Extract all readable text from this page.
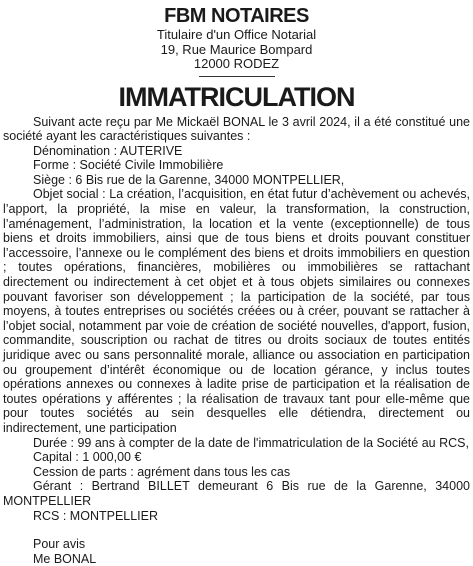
FBM NOTAIRES
Titulaire d'un Office Notarial
19, Rue Maurice Bompard
12000 RODEZ
IMMATRICULATION

Suivant acte reçu par Me Mickaël BONAL le 3 avril 2024, il a été constitué une société ayant les caractéristiques suivantes :

Dénomination : AUTERIVE

Forme : Société Civile Immobilière

Siège : 6 Bis rue de la Garenne, 34000 MONTPELLIER,

Objet social : La création, l’acquisition, en état futur d’achèvement ou achevés, l’apport, la propriété, la mise en valeur, la transformation, la construction, l’aménagement, l’administration, la location et la vente (exceptionnelle) de tous biens et droits immobiliers, ainsi que de tous biens et droits pouvant constituer l’accessoire, l’annexe ou le complément des biens et droits immobiliers en question ; toutes opérations, financières, mobilières ou immobilières se rattachant directement ou indirectement à cet objet et à tous objets similaires ou connexes pouvant favoriser son développement ; la participation de la société, par tous moyens, à toutes entreprises ou sociétés créées ou à créer, pouvant se rattacher à l’objet social, notamment par voie de création de société nouvelles, d'apport, fusion, commandite, souscription ou rachat de titres ou droits sociaux de toutes entités juridique avec ou sans personnalité morale, alliance ou association en participation ou groupement d’intérêt économique ou de location gérance, y inclus toutes opérations annexes ou connexes à ladite prise de participation et la réalisation de toutes opérations y afférentes ; la réalisation de travaux tant pour elle-même que pour toutes sociétés au sein desquelles elle détiendra, directement ou indirectement, une participation

Durée : 99 ans à compter de la date de l'immatriculation de la Société au RCS,

Capital : 1 000,00 €

Cession de parts : agrément dans tous les cas

Gérant : Bertrand BILLET demeurant 6 Bis rue de la Garenne, 34000 MONTPELLIER

RCS : MONTPELLIER

Pour avis

Me BONAL
